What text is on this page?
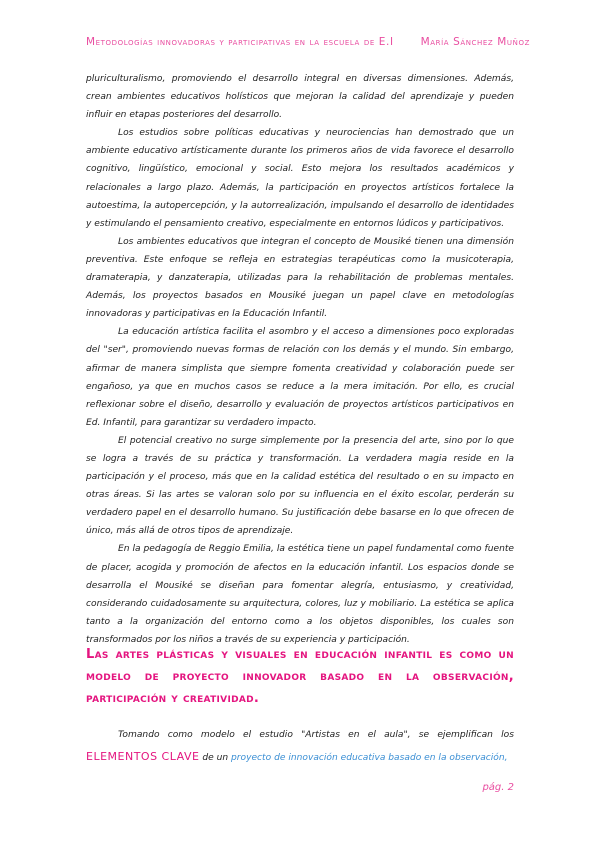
Metodologías innovadoras y participativas en la escuela de E.I	María Sánchez Muñoz

pluriculturalismo, promoviendo el desarrollo integral en diversas dimensiones. Además, crean ambientes educativos holísticos que mejoran la calidad del aprendizaje y pueden influir en etapas posteriores del desarrollo.

Los estudios sobre políticas educativas y neurociencias han demostrado que un ambiente educativo artísticamente durante los primeros años de vida favorece el desarrollo cognitivo, lingüístico, emocional y social. Esto mejora los resultados académicos y relacionales a largo plazo. Además, la participación en proyectos artísticos fortalece la autoestima, la autopercepción, y la autorrealización, impulsando el desarrollo de identidades y estimulando el pensamiento creativo, especialmente en entornos lúdicos y participativos.

Los ambientes educativos que integran el concepto de Mousiké tienen una dimensión preventiva. Este enfoque se refleja en estrategias terapéuticas como la musicoterapia, dramaterapia, y danzaterapia, utilizadas para la rehabilitación de problemas mentales. Además, los proyectos basados en Mousiké juegan un papel clave en metodologías innovadoras y participativas en la Educación Infantil.

La educación artística facilita el asombro y el acceso a dimensiones poco exploradas del "ser", promoviendo nuevas formas de relación con los demás y el mundo. Sin embargo, afirmar de manera simplista que siempre fomenta creatividad y colaboración puede ser engañoso, ya que en muchos casos se reduce a la mera imitación. Por ello, es crucial reflexionar sobre el diseño, desarrollo y evaluación de proyectos artísticos participativos en Ed. Infantil, para garantizar su verdadero impacto.

El potencial creativo no surge simplemente por la presencia del arte, sino por lo que se logra a través de su práctica y transformación. La verdadera magia reside en la participación y el proceso, más que en la calidad estética del resultado o en su impacto en otras áreas. Si las artes se valoran solo por su influencia en el éxito escolar, perderán su verdadero papel en el desarrollo humano. Su justificación debe basarse en lo que ofrecen de único, más allá de otros tipos de aprendizaje.

En la pedagogía de Reggio Emilia, la estética tiene un papel fundamental como fuente de placer, acogida y promoción de afectos en la educación infantil. Los espacios donde se desarrolla el Mousiké se diseñan para fomentar alegría, entusiasmo, y creatividad, considerando cuidadosamente su arquitectura, colores, luz y mobiliario. La estética se aplica tanto a la organización del entorno como a los objetos disponibles, los cuales son transformados por los niños a través de su experiencia y participación.

Las artes plásticas y visuales en educación infantil es como un modelo de proyecto innovador basado en la observación, participación y creatividad.

Tomando como modelo el estudio "Artistas en el aula", se ejemplifican los ELEMENTOS CLAVE de un proyecto de innovación educativa basado en la observación,

pág. 2
